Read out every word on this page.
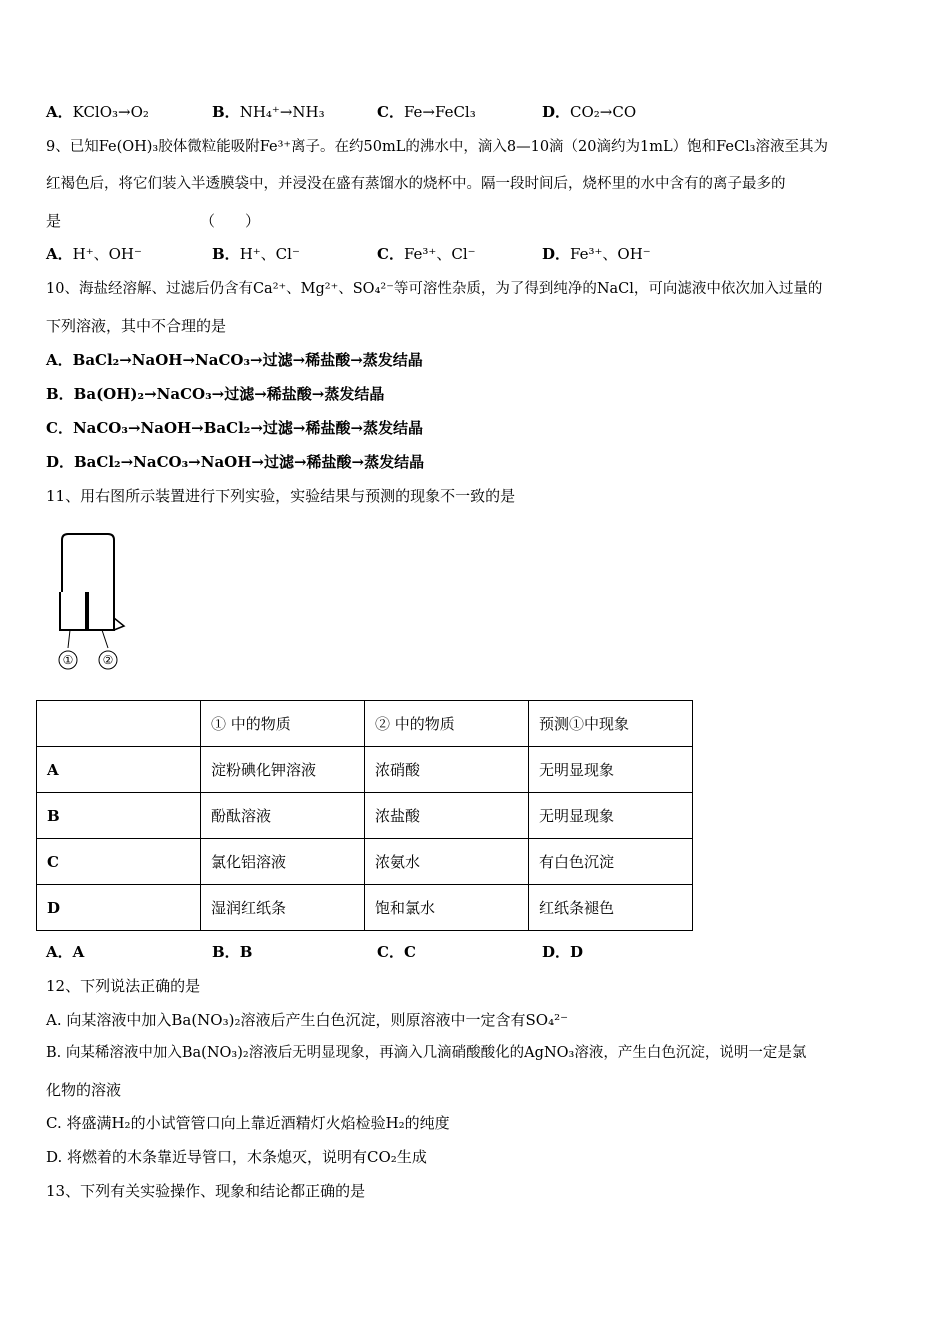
A．KClO₃→O₂	B．NH₄⁺→NH₃	C．Fe→FeCl₃	D．CO₂→CO
9、已知Fe(OH)₃胶体微粒能吸附Fe³⁺离子。在约50mL的沸水中，滴入8—10滴（20滴约为1mL）饱和FeCl₃溶液至其为
红褐色后，将它们装入半透膜袋中，并浸没在盛有蒸馏水的烧杯中。隔一段时间后，烧杯里的水中含有的离子最多的
是	（　　）
A．H⁺、OH⁻	B．H⁺、Cl⁻	C．Fe³⁺、Cl⁻	D．Fe³⁺、OH⁻
10、海盐经溶解、过滤后仍含有Ca²⁺、Mg²⁺、SO₄²⁻等可溶性杂质，为了得到纯净的NaCl，可向滤液中依次加入过量的
下列溶液，其中不合理的是
A．BaCl₂→NaOH→NaCO₃→过滤→稀盐酸→蒸发结晶
B．Ba(OH)₂→NaCO₃→过滤→稀盐酸→蒸发结晶
C．NaCO₃→NaOH→BaCl₂→过滤→稀盐酸→蒸发结晶
D．BaCl₂→NaCO₃→NaOH→过滤→稀盐酸→蒸发结晶
11、用右图所示装置进行下列实验，实验结果与预测的现象不一致的是
①	②
	① 中的物质	② 中的物质	预测①中现象
A	淀粉碘化钾溶液	浓硝酸	无明显现象
B	酚酞溶液	浓盐酸	无明显现象
C	氯化铝溶液	浓氨水	有白色沉淀
D	湿润红纸条	饱和氯水	红纸条褪色
A．A	B．B	C．C	D．D
12、下列说法正确的是
A. 向某溶液中加入Ba(NO₃)₂溶液后产生白色沉淀，则原溶液中一定含有SO₄²⁻
B. 向某稀溶液中加入Ba(NO₃)₂溶液后无明显现象，再滴入几滴硝酸酸化的AgNO₃溶液，产生白色沉淀，说明一定是氯
化物的溶液
C. 将盛满H₂的小试管管口向上靠近酒精灯火焰检验H₂的纯度
D. 将燃着的木条靠近导管口，木条熄灭，说明有CO₂生成
13、下列有关实验操作、现象和结论都正确的是
